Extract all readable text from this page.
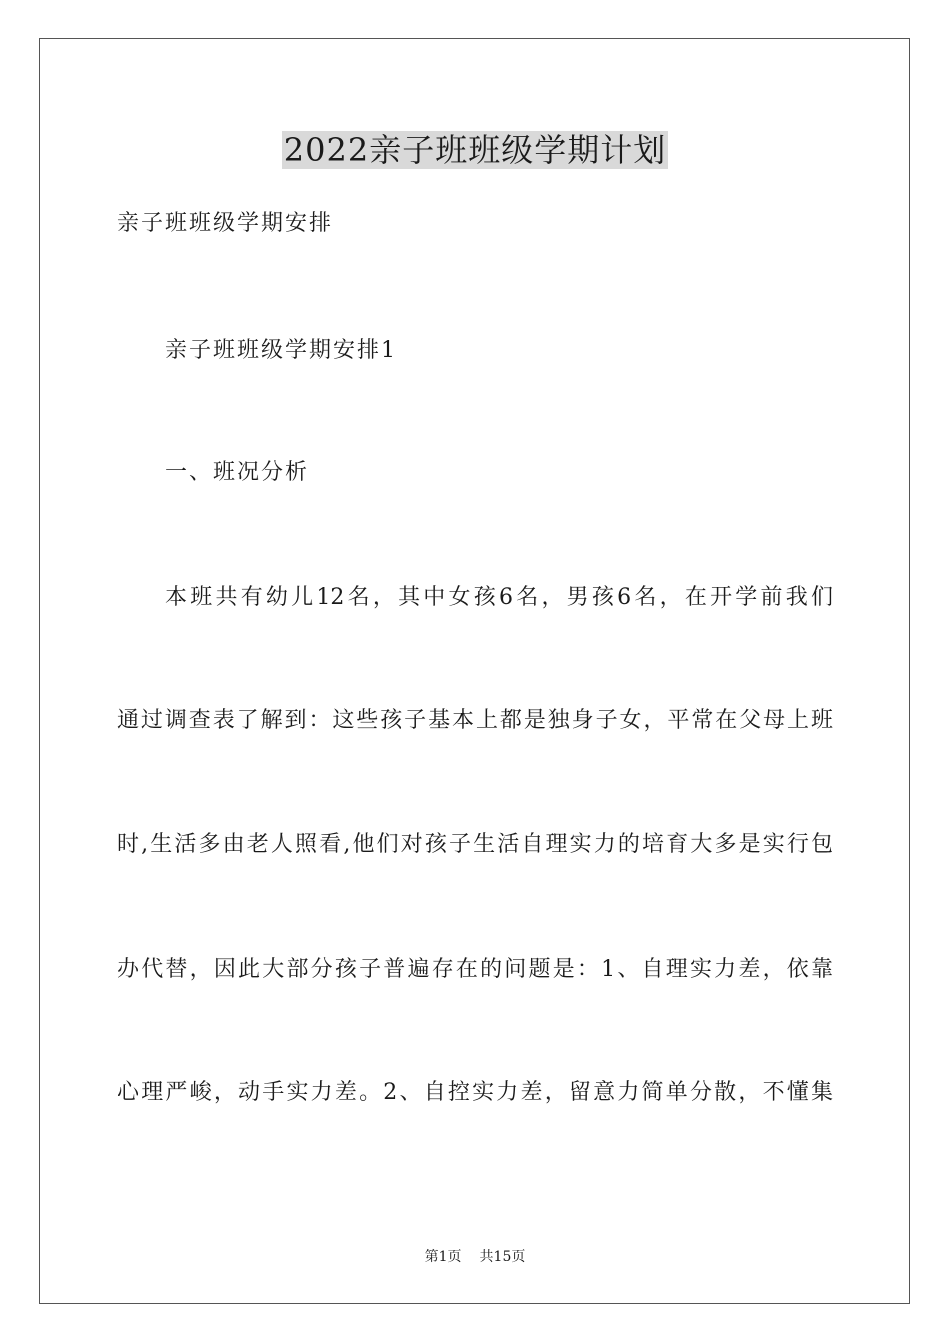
2022亲子班班级学期计划
亲子班班级学期安排
亲子班班级学期安排1
一、班况分析
本班共有幼儿12名，其中女孩6名，男孩6名，在开学前我们
通过调查表了解到：这些孩子基本上都是独身子女，平常在父母上班
时,生活多由老人照看,他们对孩子生活自理实力的培育大多是实行包
办代替，因此大部分孩子普遍存在的问题是：1、自理实力差，依靠
心理严峻，动手实力差。2、自控实力差，留意力简单分散，不懂集
第1页 共15页
